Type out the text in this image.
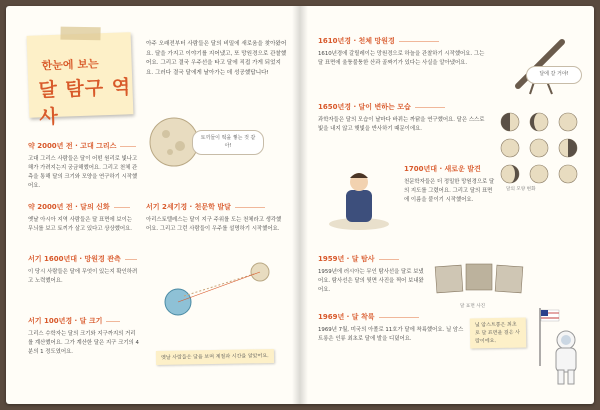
한눈에 보는
달 탐구 역사
아주 오래전부터 사람들은 달의 비밀에 새로움을 찾아왔어요. 달을 가지고 이야기를 지어냈고, 또 망원경으로 관찰했어요. 그리고 결국 우주선을 타고 달에 직접 가게 되었지요. 그러다 결국 달에게 날아가는 데 성공했답니다!
토끼들이 떡을 찧는 것 같아!
약 2000년 전 · 고대 그리스
고대 그리스 사람들은 달이 어떤 원리로 빛나고 해가 가려지는지 궁금해했어요. 그리고 천체 관측을 통해 달의 크기와 모양을 연구하기 시작했어요.
약 2000년 전 · 달의 신화
옛날 아시아 지역 사람들은 달 표면에 보이는 무늬를 보고 토끼가 살고 있다고 상상했어요.
서기 2세기경 · 천문학 발달
아리스토텔레스는 달이 지구 주위를 도는 천체라고 생각했어요. 그리고 그런 사람들이 우주를 설명하기 시작했어요.
서기 1600년대 · 망원경 관측
이 당시 사람들은 달에 무엇이 있는지 확인하려고 노력했어요.
서기 100년경 · 달 크기
그리스 수학자는 달의 크기와 지구까지의 거리를 계산했어요. 그가 계산한 달은 지구 크기의 4분의 1 정도였어요.
옛날 사람들은 달을 보며 계절과 시간을 알았어요.
1610년경 · 천체 망원경
1610년경에 갈릴레이는 망원경으로 하늘을 관찰하기 시작했어요. 그는 달 표면에 울퉁불퉁한 산과 골짜기가 있다는 사실을 알아냈어요.
달에 갈 거야!
1650년경 · 달이 변하는 모습
과학자들은 달의 모습이 날마다 바뀌는 까닭을 연구했어요. 달은 스스로 빛을 내지 않고 햇빛을 반사하기 때문이에요.
달의 모양 변화
1700년대 · 새로운 발견
천문학자들은 더 정밀한 망원경으로 달의 지도를 그렸어요. 그리고 달의 표면에 이름을 붙이기 시작했어요.
1959년 · 달 탐사
1959년에 러시아는 무인 탐사선을 달로 보냈어요. 탐사선은 달의 뒷면 사진을 찍어 보내왔어요.
달 표면 사진
1969년 · 달 착륙
1969년 7월, 미국의 아폴로 11호가 달에 착륙했어요. 닐 암스트롱은 인류 최초로 달에 발을 디뎠어요.
닐 암스트롱은 최초로 달 표면을 걸은 사람이에요.
